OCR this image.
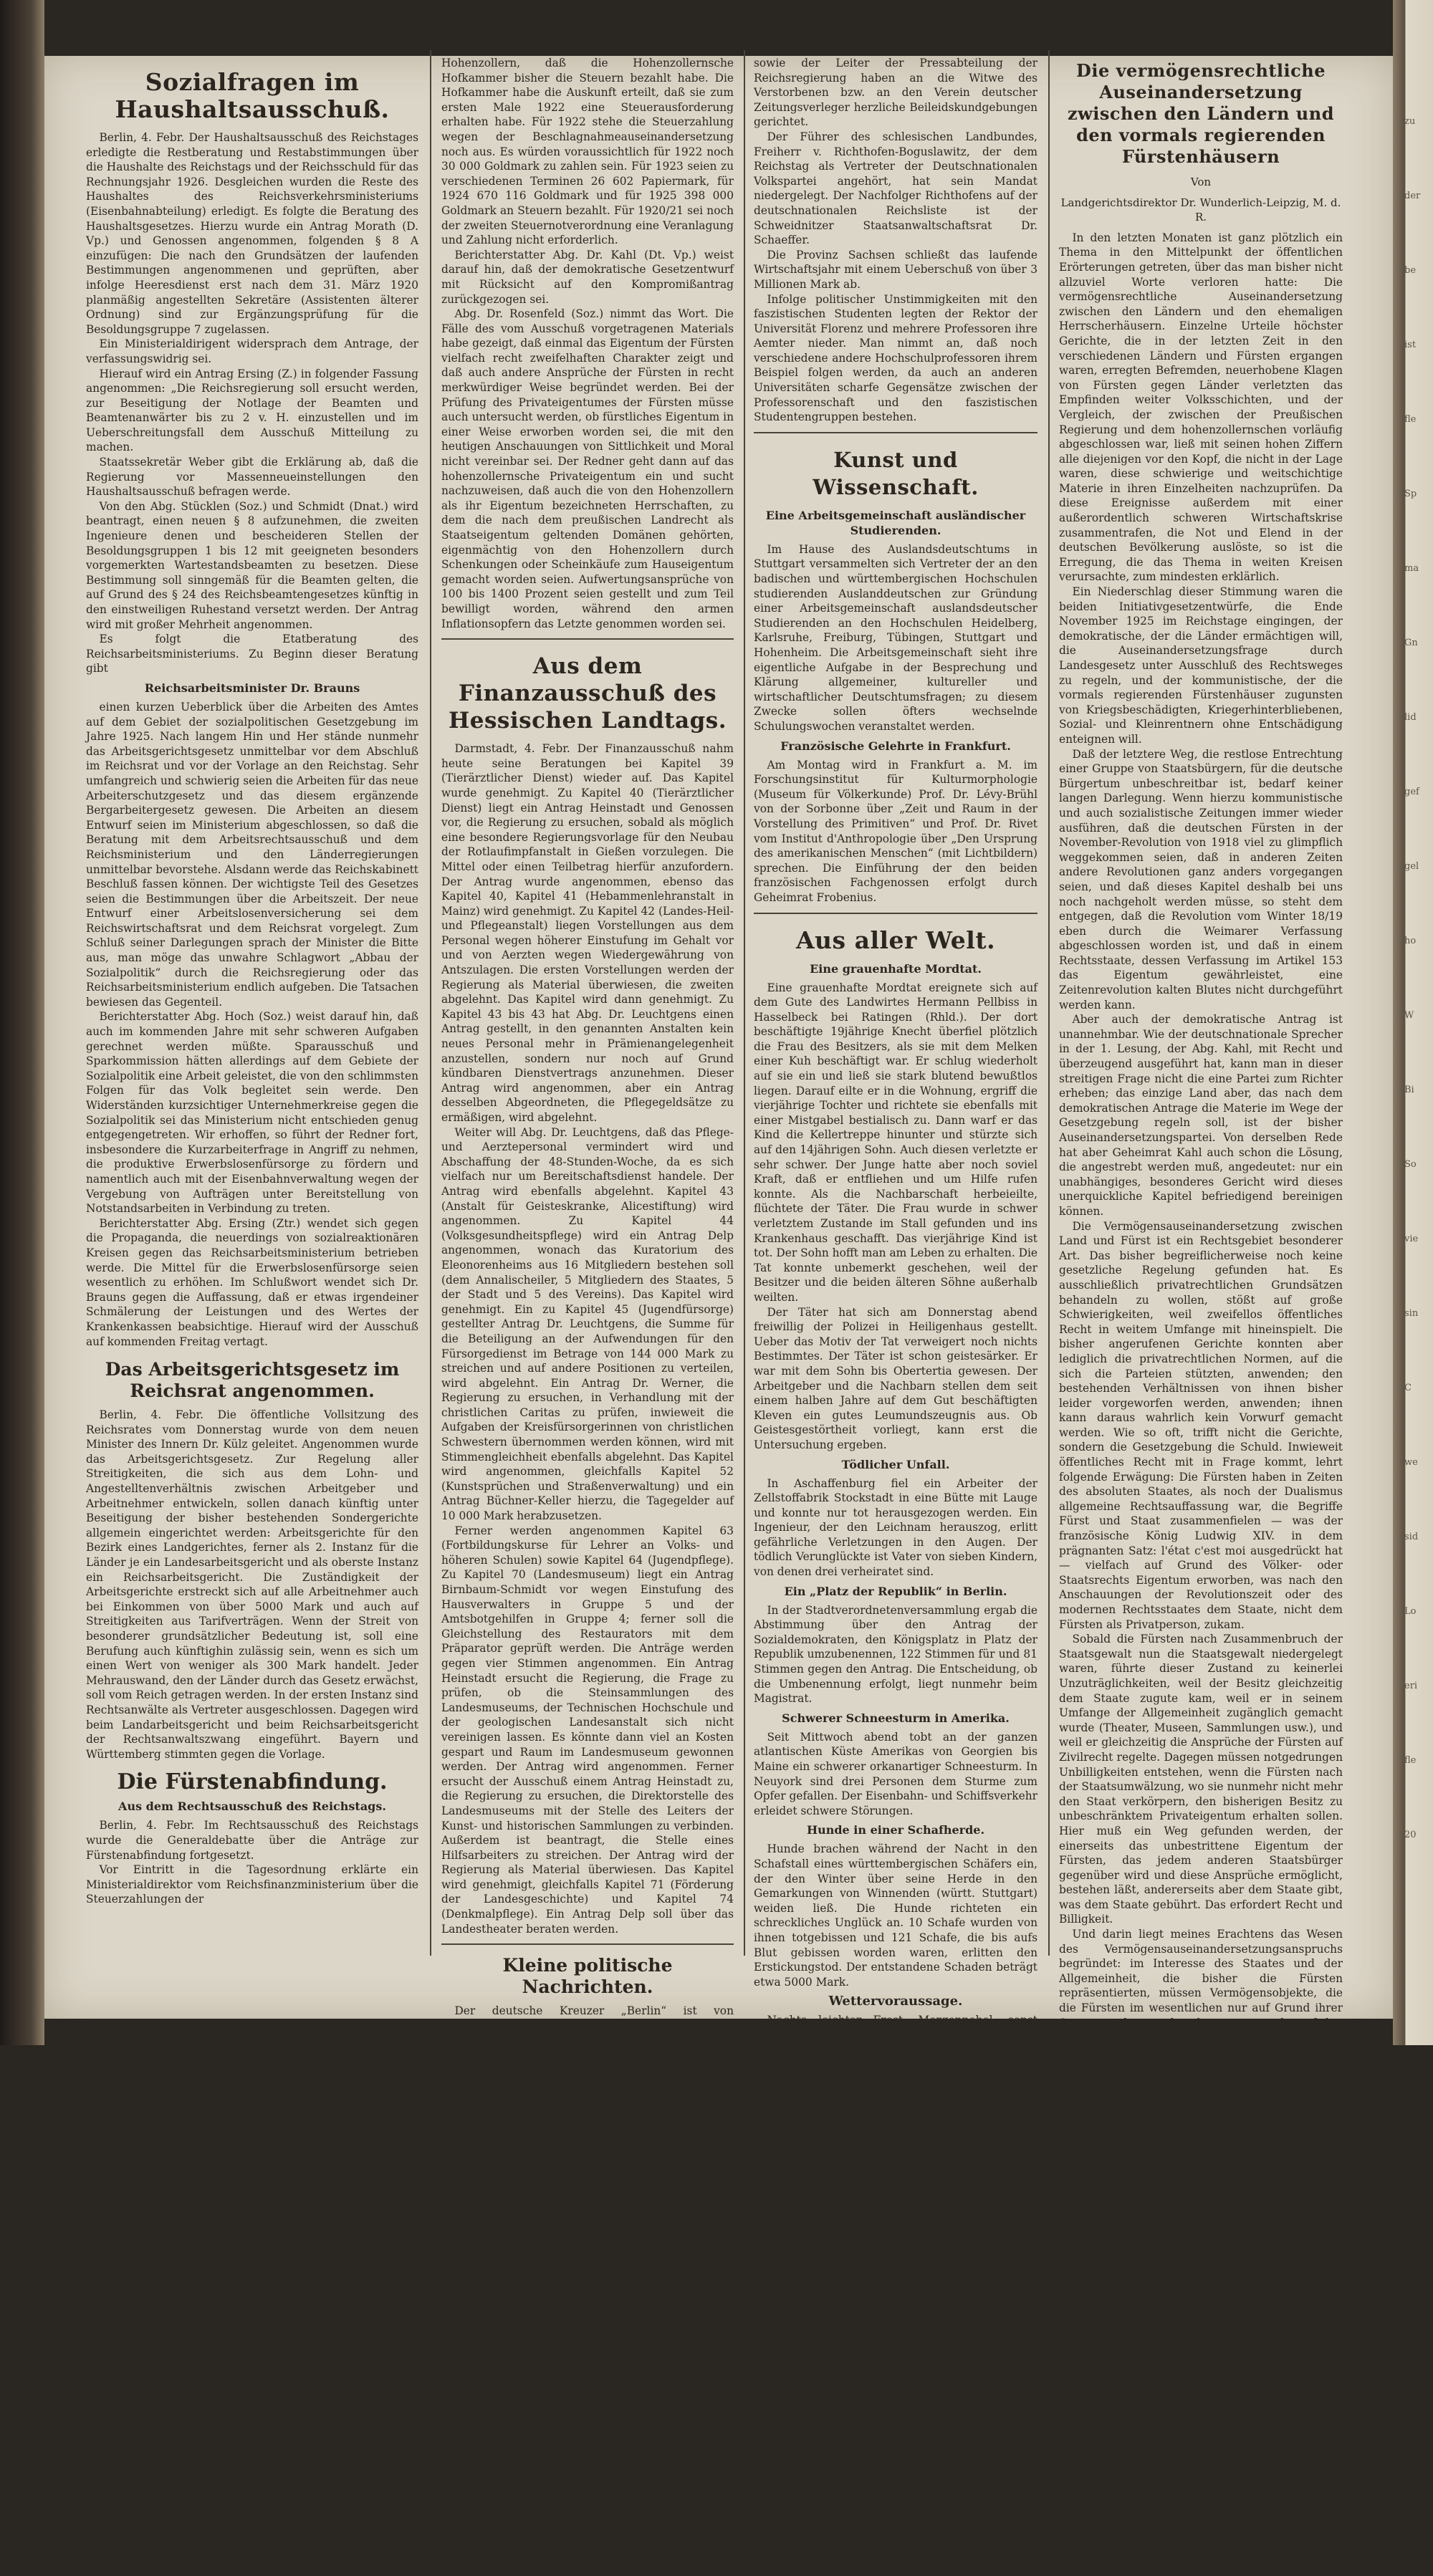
Sozialfragen im Haushaltsausschuß.

Berlin, 4. Febr. Der Haushaltsausschuß des Reichstages erledigte die Restberatung und Restabstimmungen über die Haushalte des Reichstags und der Reichsschuld für das Rechnungsjahr 1926. Desgleichen wurden die Reste des Haushaltes des Reichsverkehrsministeriums (Eisenbahnabteilung) erledigt. Es folgte die Beratung des Haushaltsgesetzes. Hierzu wurde ein Antrag Morath (D. Vp.) und Genossen angenommen, folgenden § 8 A einzufügen: Die nach den Grundsätzen der laufenden Bestimmungen angenommenen und geprüften, aber infolge Heeresdienst erst nach dem 31. März 1920 planmäßig angestellten Sekretäre (Assistenten älterer Ordnung) sind zur Ergänzungsprüfung für die Besoldungsgruppe 7 zugelassen.

Ein Ministerialdirigent widersprach dem Antrage, der verfassungswidrig sei.

Hierauf wird ein Antrag Ersing (Z.) in folgender Fassung angenommen: „Die Reichsregierung soll ersucht werden, zur Beseitigung der Notlage der Beamten und Beamtenanwärter bis zu 2 v. H. einzustellen und im Ueberschreitungsfall dem Ausschuß Mitteilung zu machen.

Staatssekretär Weber gibt die Erklärung ab, daß die Regierung vor Massenneueinstellungen den Haushaltsausschuß befragen werde.

Von den Abg. Stücklen (Soz.) und Schmidt (Dnat.) wird beantragt, einen neuen § 8 aufzunehmen, die zweiten Ingenieure denen und bescheideren Stellen der Besoldungsgruppen 1 bis 12 mit geeigneten besonders vorgemerkten Wartestandsbeamten zu besetzen. Diese Bestimmung soll sinngemäß für die Beamten gelten, die auf Grund des § 24 des Reichsbeamtengesetzes künftig in den einstweiligen Ruhestand versetzt werden. Der Antrag wird mit großer Mehrheit angenommen.

Es folgt die Etatberatung des Reichsarbeitsministeriums. Zu Beginn dieser Beratung gibt

Reichsarbeitsminister Dr. Brauns

einen kurzen Ueberblick über die Arbeiten des Amtes auf dem Gebiet der sozialpolitischen Gesetzgebung im Jahre 1925. Nach langem Hin und Her stände nunmehr das Arbeitsgerichtsgesetz unmittelbar vor dem Abschluß im Reichsrat und vor der Vorlage an den Reichstag. Sehr umfangreich und schwierig seien die Arbeiten für das neue Arbeiterschutzgesetz und das diesem ergänzende Bergarbeitergesetz gewesen. Die Arbeiten an diesem Entwurf seien im Ministerium abgeschlossen, so daß die Beratung mit dem Arbeitsrechtsausschuß und dem Reichsministerium und den Länderregierungen unmittelbar bevorstehe. Alsdann werde das Reichskabinett Beschluß fassen können. Der wichtigste Teil des Gesetzes seien die Bestimmungen über die Arbeitszeit. Der neue Entwurf einer Arbeitslosenversicherung sei dem Reichswirtschaftsrat und dem Reichsrat vorgelegt. Zum Schluß seiner Darlegungen sprach der Minister die Bitte aus, man möge das unwahre Schlagwort „Abbau der Sozialpolitik“ durch die Reichsregierung oder das Reichsarbeitsministerium endlich aufgeben. Die Tatsachen bewiesen das Gegenteil.

Berichterstatter Abg. Hoch (Soz.) weist darauf hin, daß auch im kommenden Jahre mit sehr schweren Aufgaben gerechnet werden müßte. Sparausschuß und Sparkommission hätten allerdings auf dem Gebiete der Sozialpolitik eine Arbeit geleistet, die von den schlimmsten Folgen für das Volk begleitet sein werde. Den Widerständen kurzsichtiger Unternehmerkreise gegen die Sozialpolitik sei das Ministerium nicht entschieden genug entgegengetreten. Wir erhoffen, so führt der Redner fort, insbesondere die Kurzarbeiterfrage in Angriff zu nehmen, die produktive Erwerbslosenfürsorge zu fördern und namentlich auch mit der Eisenbahnverwaltung wegen der Vergebung von Aufträgen unter Bereitstellung von Notstandsarbeiten in Verbindung zu treten.

Berichterstatter Abg. Ersing (Ztr.) wendet sich gegen die Propaganda, die neuerdings von sozialreaktionären Kreisen gegen das Reichsarbeitsministerium betrieben werde. Die Mittel für die Erwerbslosenfürsorge seien wesentlich zu erhöhen. Im Schlußwort wendet sich Dr. Brauns gegen die Auffassung, daß er etwas irgendeiner Schmälerung der Leistungen und des Wertes der Krankenkassen beabsichtige. Hierauf wird der Ausschuß auf kommenden Freitag vertagt.

Das Arbeitsgerichtsgesetz im Reichsrat angenommen.

Berlin, 4. Febr. Die öffentliche Vollsitzung des Reichsrates vom Donnerstag wurde von dem neuen Minister des Innern Dr. Külz geleitet. Angenommen wurde das Arbeitsgerichtsgesetz. Zur Regelung aller Streitigkeiten, die sich aus dem Lohn- und Angestelltenverhältnis zwischen Arbeitgeber und Arbeitnehmer entwickeln, sollen danach künftig unter Beseitigung der bisher bestehenden Sondergerichte allgemein eingerichtet werden: Arbeitsgerichte für den Bezirk eines Landgerichtes, ferner als 2. Instanz für die Länder je ein Landesarbeitsgericht und als oberste Instanz ein Reichsarbeitsgericht. Die Zuständigkeit der Arbeitsgerichte erstreckt sich auf alle Arbeitnehmer auch bei Einkommen von über 5000 Mark und auch auf Streitigkeiten aus Tarifverträgen. Wenn der Streit von besonderer grundsätzlicher Bedeutung ist, soll eine Berufung auch künftighin zulässig sein, wenn es sich um einen Wert von weniger als 300 Mark handelt. Jeder Mehrauswand, den der Länder durch das Gesetz erwächst, soll vom Reich getragen werden. In der ersten Instanz sind Rechtsanwälte als Vertreter ausgeschlossen. Dagegen wird beim Landarbeitsgericht und beim Reichsarbeitsgericht der Rechtsanwaltszwang eingeführt. Bayern und Württemberg stimmten gegen die Vorlage.

Die Fürstenabfindung.
Aus dem Rechtsausschuß des Reichstags.

Berlin, 4. Febr. Im Rechtsausschuß des Reichstags wurde die Generaldebatte über die Anträge zur Fürstenabfindung fortgesetzt.

Vor Eintritt in die Tagesordnung erklärte ein Ministerialdirektor vom Reichsfinanzministerium über die Steuerzahlungen der

Hohenzollern, daß die Hohenzollernsche Hofkammer bisher die Steuern bezahlt habe. Die Hofkammer habe die Auskunft erteilt, daß sie zum ersten Male 1922 eine Steuerausforderung erhalten habe. Für 1922 stehe die Steuerzahlung wegen der Beschlagnahmeauseinandersetzung noch aus. Es würden voraussichtlich für 1922 noch 30 000 Goldmark zu zahlen sein. Für 1923 seien zu verschiedenen Terminen 26 602 Papiermark, für 1924 670 116 Goldmark und für 1925 398 000 Goldmark an Steuern bezahlt. Für 1920/21 sei noch der zweiten Steuernotverordnung eine Veranlagung und Zahlung nicht erforderlich.

Berichterstatter Abg. Dr. Kahl (Dt. Vp.) weist darauf hin, daß der demokratische Gesetzentwurf mit Rücksicht auf den Kompromißantrag zurückgezogen sei.

Abg. Dr. Rosenfeld (Soz.) nimmt das Wort. Die Fälle des vom Ausschuß vorgetragenen Materials habe gezeigt, daß einmal das Eigentum der Fürsten vielfach recht zweifelhaften Charakter zeigt und daß auch andere Ansprüche der Fürsten in recht merkwürdiger Weise begründet werden. Bei der Prüfung des Privateigentumes der Fürsten müsse auch untersucht werden, ob fürstliches Eigentum in einer Weise erworben worden sei, die mit den heutigen Anschauungen von Sittlichkeit und Moral nicht vereinbar sei. Der Redner geht dann auf das hohenzollernsche Privateigentum ein und sucht nachzuweisen, daß auch die von den Hohenzollern als ihr Eigentum bezeichneten Herrschaften, zu dem die nach dem preußischen Landrecht als Staatseigentum geltenden Domänen gehörten, eigenmächtig von den Hohenzollern durch Schenkungen oder Scheinkäufe zum Hauseigentum gemacht worden seien. Aufwertungsansprüche von 100 bis 1400 Prozent seien gestellt und zum Teil bewilligt worden, während den armen Inflationsopfern das Letzte genommen worden sei.

Aus dem Finanzausschuß des Hessischen Landtags.

Darmstadt, 4. Febr. Der Finanzausschuß nahm heute seine Beratungen bei Kapitel 39 (Tierärztlicher Dienst) wieder auf. Das Kapitel wurde genehmigt. Zu Kapitel 40 (Tierärztlicher Dienst) liegt ein Antrag Heinstadt und Genossen vor, die Regierung zu ersuchen, sobald als möglich eine besondere Regierungsvorlage für den Neubau der Rotlaufimpfanstalt in Gießen vorzulegen. Die Mittel oder einen Teilbetrag hierfür anzufordern. Der Antrag wurde angenommen, ebenso das Kapitel 40, Kapitel 41 (Hebammenlehranstalt in Mainz) wird genehmigt. Zu Kapitel 42 (Landes-Heil- und Pflegeanstalt) liegen Vorstellungen aus dem Personal wegen höherer Einstufung im Gehalt vor und von Aerzten wegen Wiedergewährung von Antszulagen. Die ersten Vorstellungen werden der Regierung als Material überwiesen, die zweiten abgelehnt. Das Kapitel wird dann genehmigt. Zu Kapitel 43 bis 43 hat Abg. Dr. Leuchtgens einen Antrag gestellt, in den genannten Anstalten kein neues Personal mehr in Prämienangelegenheit anzustellen, sondern nur noch auf Grund kündbaren Dienstvertrags anzunehmen. Dieser Antrag wird angenommen, aber ein Antrag desselben Abgeordneten, die Pflegegeldsätze zu ermäßigen, wird abgelehnt.

Weiter will Abg. Dr. Leuchtgens, daß das Pflege- und Aerztepersonal vermindert wird und Abschaffung der 48-Stunden-Woche, da es sich vielfach nur um Bereitschaftsdienst handele. Der Antrag wird ebenfalls abgelehnt. Kapitel 43 (Anstalt für Geisteskranke, Alicestiftung) wird angenommen. Zu Kapitel 44 (Volksgesundheitspflege) wird ein Antrag Delp angenommen, wonach das Kuratorium des Eleonorenheims aus 16 Mitgliedern bestehen soll (dem Annalischeiler, 5 Mitgliedern des Staates, 5 der Stadt und 5 des Vereins). Das Kapitel wird genehmigt. Ein zu Kapitel 45 (Jugendfürsorge) gestellter Antrag Dr. Leuchtgens, die Summe für die Beteiligung an der Aufwendungen für den Fürsorgedienst im Betrage von 144 000 Mark zu streichen und auf andere Positionen zu verteilen, wird abgelehnt. Ein Antrag Dr. Werner, die Regierung zu ersuchen, in Verhandlung mit der christlichen Caritas zu prüfen, inwieweit die Aufgaben der Kreisfürsorgerinnen von christlichen Schwestern übernommen werden können, wird mit Stimmengleichheit ebenfalls abgelehnt. Das Kapitel wird angenommen, gleichfalls Kapitel 52 (Kunstsprüchen und Straßenverwaltung) und ein Antrag Büchner-Keller hierzu, die Tagegelder auf 10 000 Mark herabzusetzen.

Ferner werden angenommen Kapitel 63 (Fortbildungskurse für Lehrer an Volks- und höheren Schulen) sowie Kapitel 64 (Jugendpflege). Zu Kapitel 70 (Landesmuseum) liegt ein Antrag Birnbaum-Schmidt vor wegen Einstufung des Hausverwalters in Gruppe 5 und der Amtsbotgehilfen in Gruppe 4; ferner soll die Gleichstellung des Restaurators mit dem Präparator geprüft werden. Die Anträge werden gegen vier Stimmen angenommen. Ein Antrag Heinstadt ersucht die Regierung, die Frage zu prüfen, ob die Steinsammlungen des Landesmuseums, der Technischen Hochschule und der geologischen Landesanstalt sich nicht vereinigen lassen. Es könnte dann viel an Kosten gespart und Raum im Landesmuseum gewonnen werden. Der Antrag wird angenommen. Ferner ersucht der Ausschuß einem Antrag Heinstadt zu, die Regierung zu ersuchen, die Direktorstelle des Landesmuseums mit der Stelle des Leiters der Kunst- und historischen Sammlungen zu verbinden. Außerdem ist beantragt, die Stelle eines Hilfsarbeiters zu streichen. Der Antrag wird der Regierung als Material überwiesen. Das Kapitel wird genehmigt, gleichfalls Kapitel 71 (Förderung der Landesgeschichte) und Kapitel 74 (Denkmalpflege). Ein Antrag Delp soll über das Landestheater beraten werden.

Kleine politische Nachrichten.

Der deutsche Kreuzer „Berlin“ ist von Argentinien kommend in Montevideo, der Hauptstadt Uruguays, eingetroffen und von der Bevölkerung sehr freundlich empfangen worden. Zwei Mann der Besatzung des Kreuzers haben im Hafen einen Mann vom Tode des Ertrinkens gerettet.

Der Direktor der „Germania“, des Berliner Zentrumsorgans Karl Müller, erster stellvertretender Vorsitzender des Vereins Deutscher Zeitungsverleger, eine der führenden Persönlichkeiten des deutschen Zeitungswesens, ist im Alter von 53 Jahren an Herzschlag verschieden. Der Reichskanzler und der Reichsminister des Auswärtigen

sowie der Leiter der Pressabteilung der Reichsregierung haben an die Witwe des Verstorbenen bzw. an den Verein deutscher Zeitungsverleger herzliche Beileidskundgebungen gerichtet.

Der Führer des schlesischen Landbundes, Freiherr v. Richthofen-Boguslawitz, der dem Reichstag als Vertreter der Deutschnationalen Volkspartei angehört, hat sein Mandat niedergelegt. Der Nachfolger Richthofens auf der deutschnationalen Reichsliste ist der Schweidnitzer Staatsanwaltschaftsrat Dr. Schaeffer.

Die Provinz Sachsen schließt das laufende Wirtschaftsjahr mit einem Ueberschuß von über 3 Millionen Mark ab.

Infolge politischer Unstimmigkeiten mit den faszistischen Studenten legten der Rektor der Universität Florenz und mehrere Professoren ihre Aemter nieder. Man nimmt an, daß noch verschiedene andere Hochschulprofessoren ihrem Beispiel folgen werden, da auch an anderen Universitäten scharfe Gegensätze zwischen der Professorenschaft und den faszistischen Studentengruppen bestehen.

Kunst und Wissenschaft.
Eine Arbeitsgemeinschaft ausländischer Studierenden.

Im Hause des Auslandsdeutschtums in Stuttgart versammelten sich Vertreter der an den badischen und württembergischen Hochschulen studierenden Auslanddeutschen zur Gründung einer Arbeitsgemeinschaft auslandsdeutscher Studierenden an den Hochschulen Heidelberg, Karlsruhe, Freiburg, Tübingen, Stuttgart und Hohenheim. Die Arbeitsgemeinschaft sieht ihre eigentliche Aufgabe in der Besprechung und Klärung allgemeiner, kultureller und wirtschaftlicher Deutschtumsfragen; zu diesem Zwecke sollen öfters wechselnde Schulungswochen veranstaltet werden.

Französische Gelehrte in Frankfurt.

Am Montag wird in Frankfurt a. M. im Forschungsinstitut für Kulturmorphologie (Museum für Völkerkunde) Prof. Dr. Lévy-Brühl von der Sorbonne über „Zeit und Raum in der Vorstellung des Primitiven“ und Prof. Dr. Rivet vom Institut d'Anthropologie über „Den Ursprung des amerikanischen Menschen“ (mit Lichtbildern) sprechen. Die Einführung der den beiden französischen Fachgenossen erfolgt durch Geheimrat Frobenius.

Aus aller Welt.
Eine grauenhafte Mordtat.

Eine grauenhafte Mordtat ereignete sich auf dem Gute des Landwirtes Hermann Pellbiss in Hasselbeck bei Ratingen (Rhld.). Der dort beschäftigte 19jährige Knecht überfiel plötzlich die Frau des Besitzers, als sie mit dem Melken einer Kuh beschäftigt war. Er schlug wiederholt auf sie ein und ließ sie stark blutend bewußtlos liegen. Darauf eilte er in die Wohnung, ergriff die vierjährige Tochter und richtete sie ebenfalls mit einer Mistgabel bestialisch zu. Dann warf er das Kind die Kellertreppe hinunter und stürzte sich auf den 14jährigen Sohn. Auch diesen verletzte er sehr schwer. Der Junge hatte aber noch soviel Kraft, daß er entfliehen und um Hilfe rufen konnte. Als die Nachbarschaft herbeieilte, flüchtete der Täter. Die Frau wurde in schwer verletztem Zustande im Stall gefunden und ins Krankenhaus geschafft. Das vierjährige Kind ist tot. Der Sohn hofft man am Leben zu erhalten. Die Tat konnte unbemerkt geschehen, weil der Besitzer und die beiden älteren Söhne außerhalb weilten.

Der Täter hat sich am Donnerstag abend freiwillig der Polizei in Heiligenhaus gestellt. Ueber das Motiv der Tat verweigert noch nichts Bestimmtes. Der Täter ist schon geistesärker. Er war mit dem Sohn bis Obertertia gewesen. Der Arbeitgeber und die Nachbarn stellen dem seit einem halben Jahre auf dem Gut beschäftigten Kleven ein gutes Leumundszeugnis aus. Ob Geistesgestörtheit vorliegt, kann erst die Untersuchung ergeben.

Tödlicher Unfall.

In Aschaffenburg fiel ein Arbeiter der Zellstoffabrik Stockstadt in eine Bütte mit Lauge und konnte nur tot herausgezogen werden. Ein Ingenieur, der den Leichnam herauszog, erlitt gefährliche Verletzungen in den Augen. Der tödlich Verunglückte ist Vater von sieben Kindern, von denen drei verheiratet sind.

Ein „Platz der Republik“ in Berlin.

In der Stadtverordnetenversammlung ergab die Abstimmung über den Antrag der Sozialdemokraten, den Königsplatz in Platz der Republik umzubenennen, 122 Stimmen für und 81 Stimmen gegen den Antrag. Die Entscheidung, ob die Umbenennung erfolgt, liegt nunmehr beim Magistrat.

Schwerer Schneesturm in Amerika.

Seit Mittwoch abend tobt an der ganzen atlantischen Küste Amerikas von Georgien bis Maine ein schwerer orkanartiger Schneesturm. In Neuyork sind drei Personen dem Sturme zum Opfer gefallen. Der Eisenbahn- und Schiffsverkehr erleidet schwere Störungen.

Hunde in einer Schafherde.

Hunde brachen während der Nacht in den Schafstall eines württembergischen Schäfers ein, der den Winter über seine Herde in den Gemarkungen von Winnenden (württ. Stuttgart) weiden ließ. Die Hunde richteten ein schreckliches Unglück an. 10 Schafe wurden von ihnen totgebissen und 121 Schafe, die bis aufs Blut gebissen worden waren, erlitten den Erstickungstod. Der entstandene Schaden beträgt etwa 5000 Mark.

Wettervoraussage.

Nachts leichter Frost, Morgennebel, sonst meist wolkig, unerhebliche Niederschläge (teilweise Schnee).

In Nordeuropa ist eine Verstärkung des Hochdruckgebietes eingetreten, das seinen Einfluß nach Süden und südlich ausgedehnt hat, so daß die Frostgrenze nun schon über Dänemark und Südschweden verläuft. Gleichzeitig ist über den britischen Inseln wieder starker Druckfall eingetreten. Das Vordringen einzelner Randbildungen dieses Tiefs nach Osten ist noch zu erwarten, jedoch dürfte die Temperatur zunächst fallen und eine stärkeren Niederschläge eintreten.

Die vermögensrechtliche Auseinandersetzung zwischen den Ländern und den vormals regierenden Fürstenhäusern
Von
Landgerichtsdirektor Dr. Wunderlich-Leipzig, M. d. R.

In den letzten Monaten ist ganz plötzlich ein Thema in den Mittelpunkt der öffentlichen Erörterungen getreten, über das man bisher nicht allzuviel Worte verloren hatte: Die vermögensrechtliche Auseinandersetzung zwischen den Ländern und den ehemaligen Herrscherhäusern. Einzelne Urteile höchster Gerichte, die in der letzten Zeit in den verschiedenen Ländern und Fürsten ergangen waren, erregten Befremden, neuerhobene Klagen von Fürsten gegen Länder verletzten das Empfinden weiter Volksschichten, und der Vergleich, der zwischen der Preußischen Regierung und dem hohenzollernschen vorläufig abgeschlossen war, ließ mit seinen hohen Ziffern alle diejenigen vor den Kopf, die nicht in der Lage waren, diese schwierige und weitschichtige Materie in ihren Einzelheiten nachzuprüfen. Da diese Ereignisse außerdem mit einer außerordentlich schweren Wirtschaftskrise zusammentrafen, die Not und Elend in der deutschen Bevölkerung auslöste, so ist die Erregung, die das Thema in weiten Kreisen verursachte, zum mindesten erklärlich.

Ein Niederschlag dieser Stimmung waren die beiden Initiativgesetzentwürfe, die Ende November 1925 im Reichstage eingingen, der demokratische, der die Länder ermächtigen will, die Auseinandersetzungsfrage durch Landesgesetz unter Ausschluß des Rechtsweges zu regeln, und der kommunistische, der die vormals regierenden Fürstenhäuser zugunsten von Kriegsbeschädigten, Kriegerhinterbliebenen, Sozial- und Kleinrentnern ohne Entschädigung enteignen will.

Daß der letztere Weg, die restlose Entrechtung einer Gruppe von Staatsbürgern, für die deutsche Bürgertum unbeschreitbar ist, bedarf keiner langen Darlegung. Wenn hierzu kommunistische und auch sozialistische Zeitungen immer wieder ausführen, daß die deutschen Fürsten in der November-Revolution von 1918 viel zu glimpflich weggekommen seien, daß in anderen Zeiten andere Revolutionen ganz anders vorgegangen seien, und daß dieses Kapitel deshalb bei uns noch nachgeholt werden müsse, so steht dem entgegen, daß die Revolution vom Winter 18/19 eben durch die Weimarer Verfassung abgeschlossen worden ist, und daß in einem Rechtsstaate, dessen Verfassung im Artikel 153 das Eigentum gewährleistet, eine Zeitenrevolution kalten Blutes nicht durchgeführt werden kann.

Aber auch der demokratische Antrag ist unannehmbar. Wie der deutschnationale Sprecher in der 1. Lesung, der Abg. Kahl, mit Recht und überzeugend ausgeführt hat, kann man in dieser streitigen Frage nicht die eine Partei zum Richter erheben; das einzige Land aber, das nach dem demokratischen Antrage die Materie im Wege der Gesetzgebung regeln soll, ist der bisher Auseinandersetzungspartei. Von derselben Rede hat aber Geheimrat Kahl auch schon die Lösung, die angestrebt werden muß, angedeutet: nur ein unabhängiges, besonderes Gericht wird dieses unerquickliche Kapitel befriedigend bereinigen können.

Die Vermögensauseinandersetzung zwischen Land und Fürst ist ein Rechtsgebiet besonderer Art. Das bisher begreiflicherweise noch keine gesetzliche Regelung gefunden hat. Es ausschließlich privatrechtlichen Grundsätzen behandeln zu wollen, stößt auf große Schwierigkeiten, weil zweifellos öffentliches Recht in weitem Umfange mit hineinspielt. Die bisher angerufenen Gerichte konnten aber lediglich die privatrechtlichen Normen, auf die sich die Parteien stützten, anwenden; den bestehenden Verhältnissen von ihnen bisher leider vorgeworfen werden, anwenden; ihnen kann daraus wahrlich kein Vorwurf gemacht werden. Wie so oft, trifft nicht die Gerichte, sondern die Gesetzgebung die Schuld. Inwieweit öffentliches Recht mit in Frage kommt, lehrt folgende Erwägung: Die Fürsten haben in Zeiten des absoluten Staates, als noch der Dualismus allgemeine Rechtsauffassung war, die Begriffe Fürst und Staat zusammenfielen — was der französische König Ludwig XIV. in dem prägnanten Satz: l'état c'est moi ausgedrückt hat — vielfach auf Grund des Völker- oder Staatsrechts Eigentum erworben, was nach den Anschauungen der Revolutionszeit oder des modernen Rechtsstaates dem Staate, nicht dem Fürsten als Privatperson, zukam.

Sobald die Fürsten nach Zusammenbruch der Staatsgewalt nun die Staatsgewalt niedergelegt waren, führte dieser Zustand zu keinerlei Unzuträglichkeiten, weil der Besitz gleichzeitig dem Staate zugute kam, weil er in seinem Umfange der Allgemeinheit zugänglich gemacht wurde (Theater, Museen, Sammlungen usw.), und weil er gleichzeitig die Ansprüche der Fürsten auf Zivilrecht regelte. Dagegen müssen notgedrungen Unbilligkeiten entstehen, wenn die Fürsten nach der Staatsumwälzung, wo sie nunmehr nicht mehr den Staat verkörpern, den bisherigen Besitz zu unbeschränktem Privateigentum erhalten sollen. Hier muß ein Weg gefunden werden, der einerseits das unbestrittene Eigentum der Fürsten, das jedem anderen Staatsbürger gegenüber wird und diese Ansprüche ermöglicht, bestehen läßt, andererseits aber dem Staate gibt, was dem Staate gebührt. Das erfordert Recht und Billigkeit.

Und darin liegt meines Erachtens das Wesen des Vermögensauseinandersetzungsanspruchs begründet: im Interesse des Staates und der Allgemeinheit, die bisher die Fürsten repräsentierten, müssen Vermögensobjekte, die die Fürsten im wesentlichen nur auf Grund ihrer Staatsgewalt erworben hatten, nunmehr auf den Staat übergeführt werden. Es ist sehr vertrösten, daß der Rechtsvertreter eines deutschen, des mecklenburgischen Fürstenhauses, Rechtsanwalt Dr. Friedmann in Berlin, diese Standpunkt erkannt hat. Er erkennt in dem RechtsAusschusse des Reichstags erstatteten Gutachten den Anspruch des Staates an, „in einer öffentlichrechtlichen Auseinandersetzung das Fürstenvermögen als Einheit vom Staatsvermögen zu sondern, wobei der Staat die Billigkeitsforderung erheben kann, daß ihm Vermögensstücke, die er für seine Zwecke benötigt, wie Theater, Museen, Bibliotheken, ausgeliefert werden.“ Im übrigen will er das Fürstenvermögen, da es sich bei der vorerst bereits staatsrechtlicher oder öffentlichen Stiftung erkennt, und Billigkeit, daß nur die Fürstenvermögen, die man als geeignet an können, als bis der verändertem staatsrechtlichen Lage kommen, im allen Ordnungsprechung einer Minderung des Fürstenvermögens und entsprechende Belastung beim Staate oder Ueberlassung an den Staat gekommen zugestehen.

Diese Ueberzeugung, daß es sich hier um ein materielles Recht besonderer Art handele, und daß dieses nur von einem mit Richtern besetzten besonderen Gerichtshof einzuleiten, hat sich bei den Vertretern der Mittelparteien des Reichstages immer mehr durchgesetzt. So wurde denn am 26. Januar vom Vertreter des Zentrums, der Deutschen Volkspartei, der Demokratischen Partei, der Wirtschaftlichen Vereinigung und der Bayerischen Volkspartei unter Vorsitz des Abg. Schulz (Z.) zu vertraulichen Beratungen zusammenfanden, gefiel sich bald in den Grundlinien eine weitgehende

zu
der
be
ist
fle
Sp
ma
Gn
lid
gef
gel
ho
W
Bi
So
vie
sin
C
we
sid
Lo
eri
fle
20
